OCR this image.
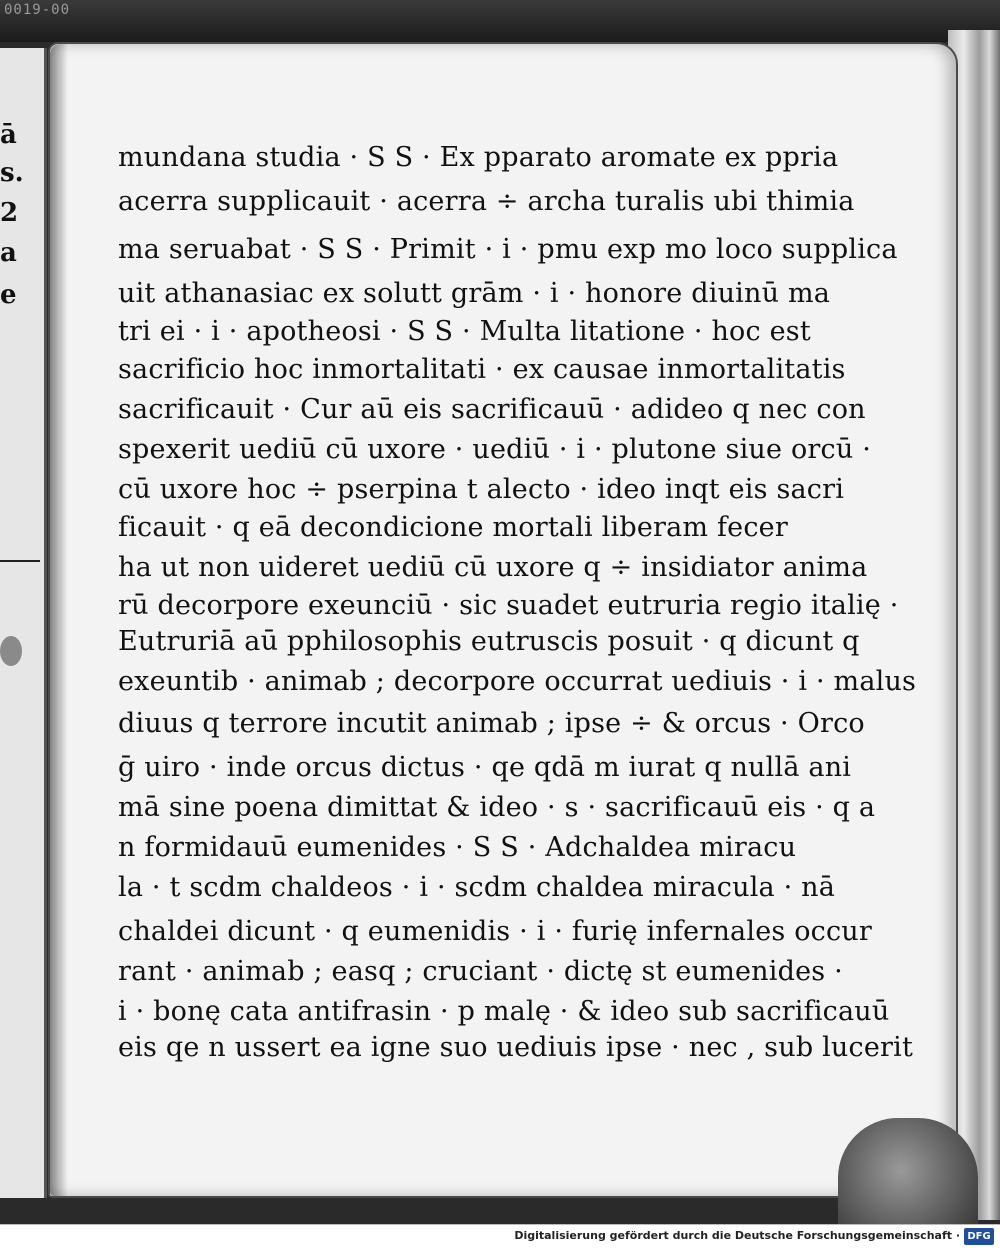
0019-00
ā
s.
2
a
e
mundana studia · S S · Ex pparato aromate ex ppria
acerra supplicauit · acerra ÷ archa turalis ubi thimia
ma seruabat · S S · Primit · i · pmu exp mo loco supplica
uit athanasiac ex solutt grām · i · honore diuinū ma
tri ei · i · apotheosi · S S · Multa litatione · hoc est
sacrificio hoc inmortalitati · ex causae inmortalitatis
sacrificauit · Cur aū eis sacrificauū · adideo q nec con
spexerit uediū cū uxore · uediū · i · plutone siue orcū ·
cū uxore hoc ÷ pserpina t alecto · ideo inqt eis sacri
ficauit · q eā decondicione mortali liberam fecer
ha ut non uideret uediū cū uxore q ÷ insidiator anima
rū decorpore exeunciū · sic suadet eutruria regio italię ·
Eutruriā aū pphilosophis eutruscis posuit · q dicunt q
exeuntib · animab ; decorpore occurrat uediuis · i · malus
diuus q terrore incutit animab ; ipse ÷ & orcus · Orco
ḡ uiro · inde orcus dictus · qe qdā m iurat q nullā ani
mā sine poena dimittat & ideo · s · sacrificauū eis · q a
n formidauū eumenides · S S · Adchaldea miracu
la · t scdm chaldeos · i · scdm chaldea miracula · nā
chaldei dicunt · q eumenidis · i · furię infernales occur
rant · animab ; easq ; cruciant · dictę st eumenides ·
i · bonę cata antifrasin · p malę · & ideo sub sacrificauū
eis qe n ussert ea igne suo uediuis ipse · nec , sub lucerit
Digitalisierung gefördert durch die Deutsche Forschungsgemeinschaft · DFG
